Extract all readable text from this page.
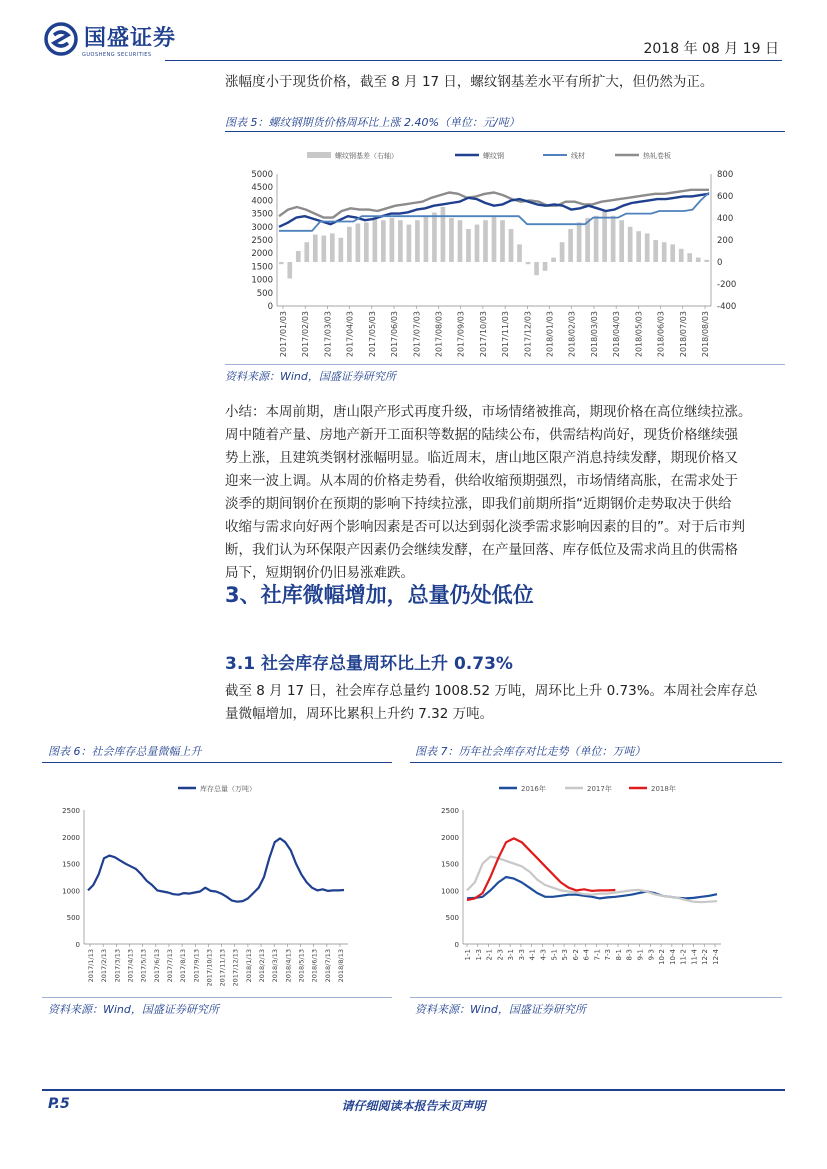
国盛证券
GUOSHENG SECURITIES	2018 年 08 月 19 日
涨幅度小于现货价格，截至 8 月 17 日，螺纹钢基差水平有所扩大，但仍然为正。
图表 5：螺纹钢期货价格周环比上涨 2.40%（单位：元/吨）
螺纹钢基差（右轴）	螺纹钢	线材	热轧卷板
0
500
1000
1500
2000
2500
3000
3500
4000
4500
5000
-400
-200
0
200
400
600
800
2017/01/03 2017/02/03 2017/03/03 2017/04/03 2017/05/03 2017/06/03 2017/07/03 2017/08/03 2017/09/03 2017/10/03 2017/11/03 2017/12/03 2018/01/03 2018/02/03 2018/03/03 2018/04/03 2018/05/03 2018/06/03 2018/07/03 2018/08/03
资料来源：Wind，国盛证券研究所
小结：本周前期，唐山限产形式再度升级，市场情绪被推高，期现价格在高位继续拉涨。
周中随着产量、房地产新开工面积等数据的陆续公布，供需结构尚好，现货价格继续强
势上涨，且建筑类钢材涨幅明显。临近周末，唐山地区限产消息持续发酵，期现价格又
迎来一波上调。从本周的价格走势看，供给收缩预期强烈，市场情绪高胀，在需求处于
淡季的期间钢价在预期的影响下持续拉涨，即我们前期所指“近期钢价走势取决于供给
收缩与需求向好两个影响因素是否可以达到弱化淡季需求影响因素的目的”。对于后市判
断，我们认为环保限产因素仍会继续发酵，在产量回落、库存低位及需求尚且的供需格
局下，短期钢价仍旧易涨难跌。
3、社库微幅增加，总量仍处低位
3.1 社会库存总量周环比上升 0.73%
截至 8 月 17 日，社会库存总量约 1008.52 万吨，周环比上升 0.73%。本周社会库存总
量微幅增加，周环比累积上升约 7.32 万吨。
图表 6：社会库存总量微幅上升
库存总量（万吨）
0
500
1000
1500
2000
2500
2017/1/13 2017/2/13 2017/3/13 2017/4/13 2017/5/13 2017/6/13 2017/7/13 2017/8/13 2017/9/13 2017/10/13 2017/11/13 2017/12/13 2018/1/13 2018/2/13 2018/3/13 2018/4/13 2018/5/13 2018/6/13 2018/7/13 2018/8/13
资料来源：Wind，国盛证券研究所
图表 7：历年社会库存对比走势（单位：万吨）
2016年	2017年	2018年
0
500
1000
1500
2000
2500
1-1 1-3 2-1 2-3 3-1 3-3 4-1 4-3 5-1 5-3 6-2 6-4 7-1 7-3 8-1 8-3 9-1 9-3 10-2 10-4 11-2 11-4 12-2 12-4
资料来源：Wind，国盛证券研究所
P.5	请仔细阅读本报告末页声明
